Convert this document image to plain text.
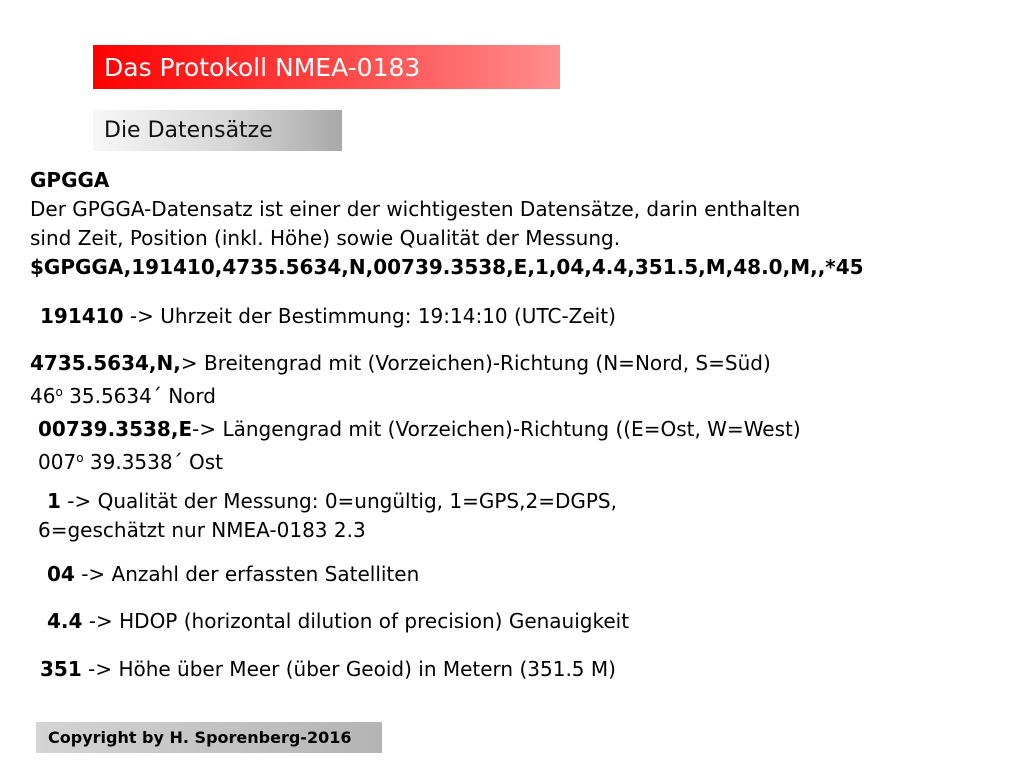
Das Protokoll NMEA-0183
Die Datensätze
GPGGA
Der GPGGA-Datensatz ist einer der wichtigesten Datensätze, darin enthalten
sind Zeit, Position (inkl. Höhe) sowie Qualität der Messung.
$GPGGA,191410,4735.5634,N,00739.3538,E,1,04,4.4,351.5,M,48.0,M,,*45
191410 -> Uhrzeit der Bestimmung: 19:14:10 (UTC-Zeit)
4735.5634,N,> Breitengrad mit (Vorzeichen)-Richtung (N=Nord, S=Süd)
46$^o$ 35.5634´ Nord
00739.3538,E-> Längengrad mit (Vorzeichen)-Richtung ((E=Ost, W=West)
007$^o$ 39.3538´ Ost
1 -> Qualität der Messung: 0=ungültig, 1=GPS,2=DGPS,
6=geschätzt nur NMEA-0183 2.3
04 -> Anzahl der erfassten Satelliten
4.4 -> HDOP (horizontal dilution of precision) Genauigkeit
351 -> Höhe über Meer (über Geoid) in Metern (351.5 M)
Copyright by H. Sporenberg-2016
